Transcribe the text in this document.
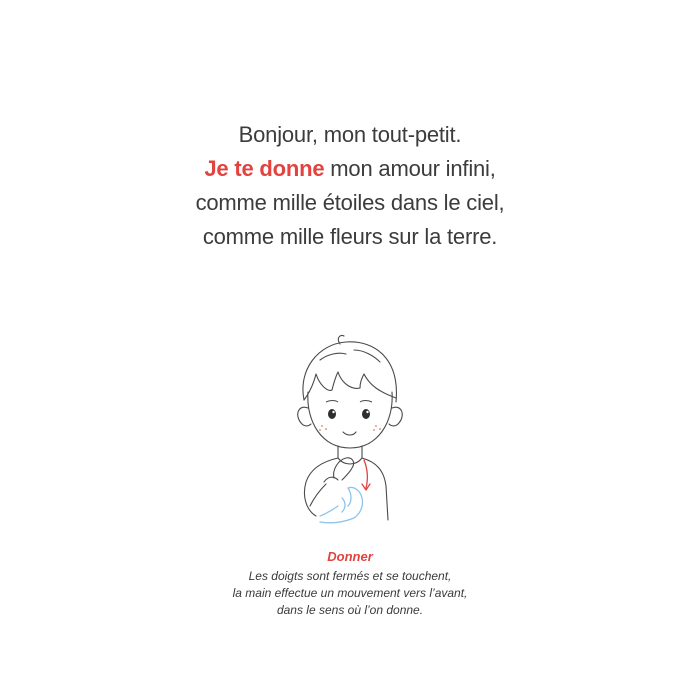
Bonjour, mon tout-petit.
Je te donne mon amour infini,
comme mille étoiles dans le ciel,
comme mille fleurs sur la terre.
Donner
Les doigts sont fermés et se touchent,
la main effectue un mouvement vers l’avant,
dans le sens où l’on donne.
